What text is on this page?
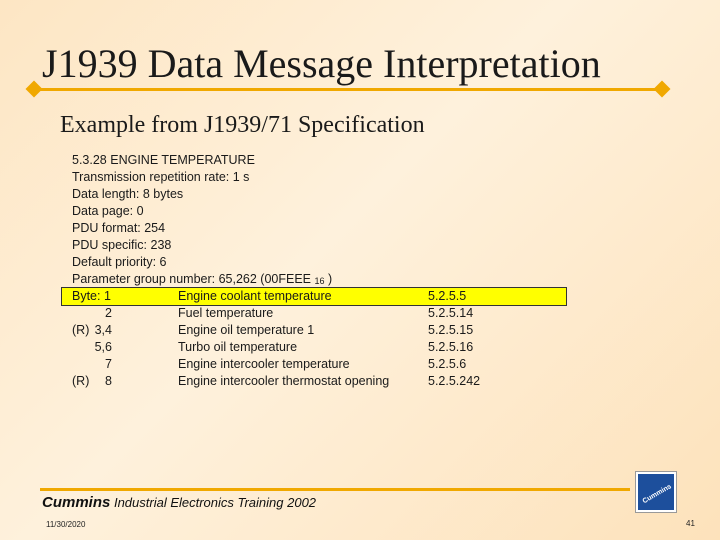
J1939 Data Message Interpretation
Example from J1939/71 Specification
5.3.28 ENGINE TEMPERATURE
Transmission repetition rate: 1 s
Data length: 8 bytes
Data page: 0
PDU format: 254
PDU specific: 238
Default priority: 6
Parameter group number: 65,262 (00FEEE 16 )
Byte: 1	Engine coolant temperature	5.2.5.5
2	Fuel temperature	5.2.5.14
(R) 3,4	Engine oil temperature 1	5.2.5.15
5,6	Turbo oil temperature	5.2.5.16
7	Engine intercooler temperature	5.2.5.6
(R)	8	Engine intercooler thermostat opening	5.2.5.242
Cummins Industrial Electronics Training 2002
11/30/2020	41
Cummins
